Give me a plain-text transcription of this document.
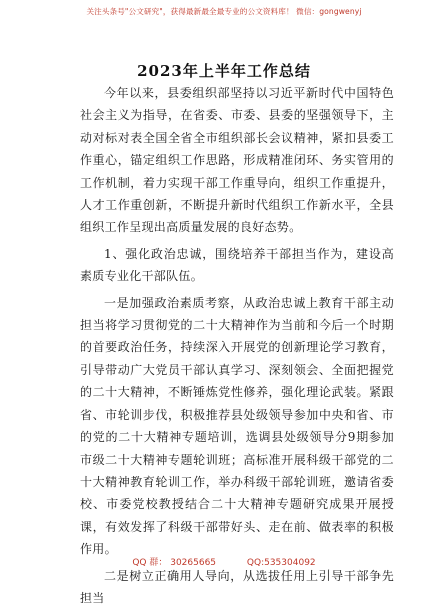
关注头条号"公文研究"，获得最新最全最专业的公文资料库！ 微信：gongwenyj
2023年上半年工作总结

今年以来，县委组织部坚持以习近平新时代中国特色社会主义为指导，在省委、市委、县委的坚强领导下，主动对标对表全国全省全市组织部长会议精神，紧扣县委工作重心，锚定组织工作思路，形成精准闭环、务实管用的工作机制，着力实现干部工作重导向，组织工作重提升，人才工作重创新，不断提升新时代组织工作新水平，全县组织工作呈现出高质量发展的良好态势。

1、强化政治忠诚，围绕培养干部担当作为，建设高素质专业化干部队伍。

一是加强政治素质考察，从政治忠诚上教育干部主动担当将学习贯彻党的二十大精神作为当前和今后一个时期的首要政治任务，持续深入开展党的创新理论学习教育，引导带动广大党员干部认真学习、深刻领会、全面把握党的二十大精神，不断锤炼党性修养，强化理论武装。紧跟省、市轮训步伐，积极推荐县处级领导参加中央和省、市的党的二十大精神专题培训，选调县处级领导分9期参加市级二十大精神专题轮训班；高标准开展科级干部党的二十大精神教育轮训工作，举办科级干部轮训班，邀请省委校、市委党校教授结合二十大精神专题研究成果开展授课，有效发挥了科级干部带好头、走在前、做表率的积极作用。

二是树立正确用人导向，从选拔任用上引导干部争先担当

QQ 群： 30265665	QQ:535304092
